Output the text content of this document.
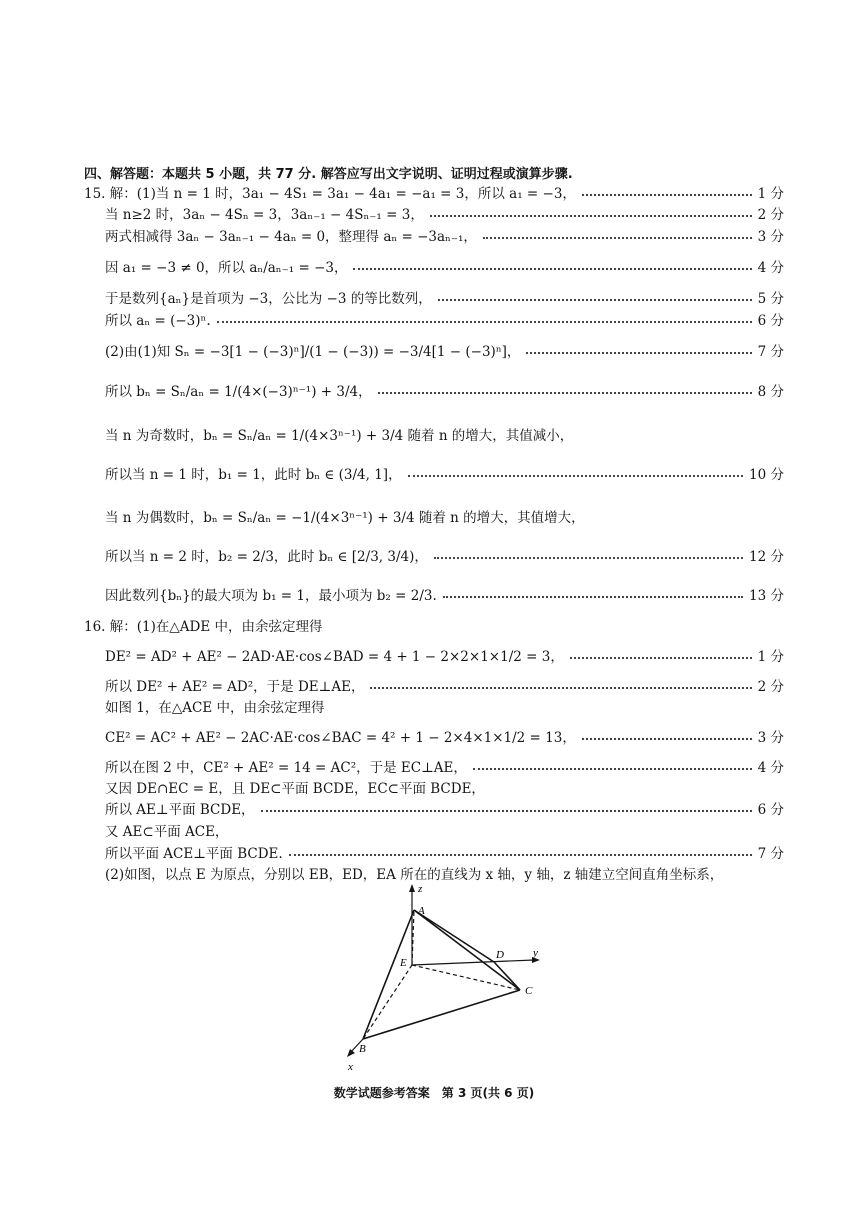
四、解答题：本题共 5 小题，共 77 分. 解答应写出文字说明、证明过程或演算步骤.
15. 解：(1)当 n = 1 时，3a₁ − 4S₁ = 3a₁ − 4a₁ = −a₁ = 3，所以 a₁ = −3，	1 分
当 n≥2 时，3aₙ − 4Sₙ = 3，3aₙ₋₁ − 4Sₙ₋₁ = 3，	2 分
两式相减得 3aₙ − 3aₙ₋₁ − 4aₙ = 0，整理得 aₙ = −3aₙ₋₁，	3 分
因 a₁ = −3 ≠ 0，所以 aₙ/aₙ₋₁ = −3，	4 分
于是数列{aₙ}是首项为 −3，公比为 −3 的等比数列，	5 分
所以 aₙ = (−3)ⁿ.	6 分
(2)由(1)知 Sₙ = −3[1 − (−3)ⁿ]/(1 − (−3)) = −3/4[1 − (−3)ⁿ]，	7 分
所以 bₙ = Sₙ/aₙ = 1/(4×(−3)ⁿ⁻¹) + 3/4，	8 分
当 n 为奇数时，bₙ = Sₙ/aₙ = 1/(4×3ⁿ⁻¹) + 3/4 随着 n 的增大，其值减小，
所以当 n = 1 时，b₁ = 1，此时 bₙ ∈ (3/4, 1]，	10 分
当 n 为偶数时，bₙ = Sₙ/aₙ = −1/(4×3ⁿ⁻¹) + 3/4 随着 n 的增大，其值增大，
所以当 n = 2 时，b₂ = 2/3，此时 bₙ ∈ [2/3, 3/4)，	12 分
因此数列{bₙ}的最大项为 b₁ = 1，最小项为 b₂ = 2/3.	13 分
16. 解：(1)在△ADE 中，由余弦定理得
DE² = AD² + AE² − 2AD·AE·cos∠BAD = 4 + 1 − 2×2×1×1/2 = 3，	1 分
所以 DE² + AE² = AD²，于是 DE⊥AE，	2 分
如图 1，在△ACE 中，由余弦定理得
CE² = AC² + AE² − 2AC·AE·cos∠BAC = 4² + 1 − 2×4×1×1/2 = 13，	3 分
所以在图 2 中，CE² + AE² = 14 = AC²，于是 EC⊥AE，	4 分
又因 DE∩EC = E，且 DE⊂平面 BCDE，EC⊂平面 BCDE，
所以 AE⊥平面 BCDE，	6 分
又 AE⊂平面 ACE，
所以平面 ACE⊥平面 BCDE.	7 分
(2)如图，以点 E 为原点，分别以 EB，ED，EA 所在的直线为 x 轴，y 轴，z 轴建立空间直角坐标系，
z
y
x
A
E
D
C
B
数学试题参考答案　第 3 页(共 6 页)
